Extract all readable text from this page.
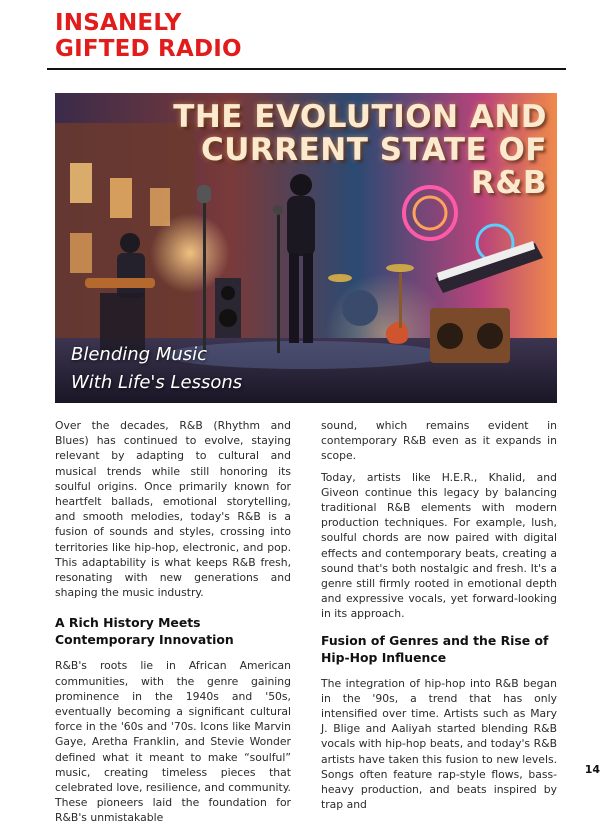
INSANELY
GIFTED RADIO
THE EVOLUTION AND
CURRENT STATE OF
R&B
Blending Music
With Life's Lessons

Over the decades, R&B (Rhythm and Blues) has continued to evolve, staying relevant by adapting to cultural and musical trends while still honoring its soulful origins. Once primarily known for heartfelt ballads, emotional storytelling, and smooth melodies, today's R&B is a fusion of sounds and styles, crossing into territories like hip-hop, electronic, and pop. This adaptability is what keeps R&B fresh, resonating with new generations and shaping the music industry.

A Rich History Meets Contemporary Innovation

R&B's roots lie in African American communities, with the genre gaining prominence in the 1940s and '50s, eventually becoming a significant cultural force in the '60s and '70s. Icons like Marvin Gaye, Aretha Franklin, and Stevie Wonder defined what it meant to make “soulful” music, creating timeless pieces that celebrated love, resilience, and community. These pioneers laid the foundation for R&B's unmistakable

sound, which remains evident in contemporary R&B even as it expands in scope.

Today, artists like H.E.R., Khalid, and Giveon continue this legacy by balancing traditional R&B elements with modern production techniques. For example, lush, soulful chords are now paired with digital effects and contemporary beats, creating a sound that's both nostalgic and fresh. It's a genre still firmly rooted in emotional depth and expressive vocals, yet forward-looking in its approach.

Fusion of Genres and the Rise of Hip-Hop Influence

The integration of hip-hop into R&B began in the '90s, a trend that has only intensified over time. Artists such as Mary J. Blige and Aaliyah started blending R&B vocals with hip-hop beats, and today's R&B artists have taken this fusion to new levels. Songs often feature rap-style flows, bass-heavy production, and beats inspired by trap and

14
